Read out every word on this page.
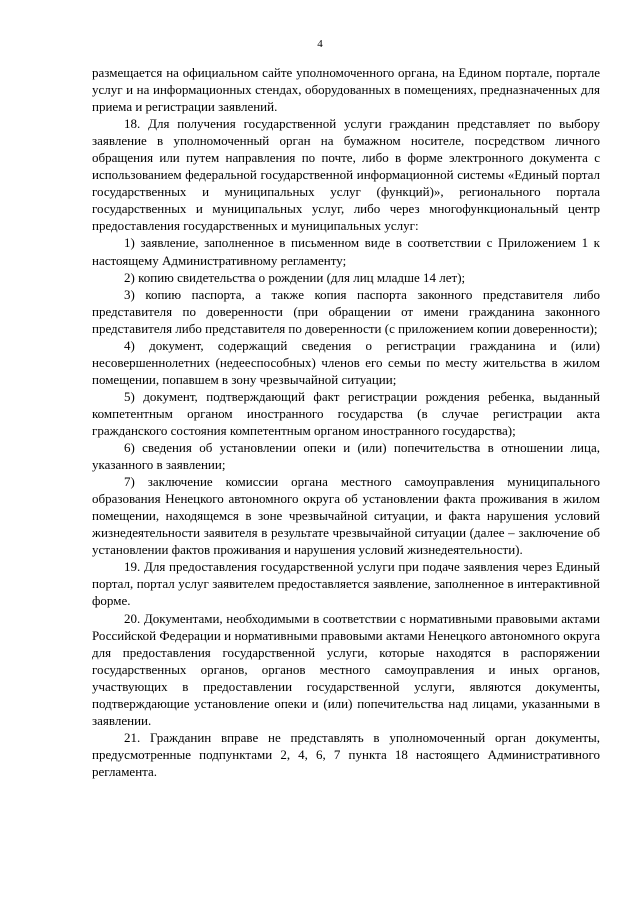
4

размещается на официальном сайте уполномоченного органа, на Едином портале, портале услуг и на информационных стендах, оборудованных в помещениях, предназначенных для приема и регистрации заявлений.

18. Для получения государственной услуги гражданин представляет по выбору заявление в уполномоченный орган на бумажном носителе, посредством личного обращения или путем направления по почте, либо в форме электронного документа с использованием федеральной государственной информационной системы «Единый портал государственных и муниципальных услуг (функций)», регионального портала государственных и муниципальных услуг, либо через многофункциональный центр предоставления государственных и муниципальных услуг:

1) заявление, заполненное в письменном виде в соответствии с Приложением 1 к настоящему Административному регламенту;

2) копию свидетельства о рождении (для лиц младше 14 лет);

3) копию паспорта, а также копия паспорта законного представителя либо представителя по доверенности (при обращении от имени гражданина законного представителя либо представителя по доверенности (с приложением копии доверенности);

4) документ, содержащий сведения о регистрации гражданина и (или) несовершеннолетних (недееспособных) членов его семьи по месту жительства в жилом помещении, попавшем в зону чрезвычайной ситуации;

5) документ, подтверждающий факт регистрации рождения ребенка, выданный компетентным органом иностранного государства (в случае регистрации акта гражданского состояния компетентным органом иностранного государства);

6) сведения об установлении опеки и (или) попечительства в отношении лица, указанного в заявлении;

7) заключение комиссии органа местного самоуправления муниципального образования Ненецкого автономного округа об установлении факта проживания в жилом помещении, находящемся в зоне чрезвычайной ситуации, и факта нарушения условий жизнедеятельности заявителя в результате чрезвычайной ситуации (далее – заключение об установлении фактов проживания и нарушения условий жизнедеятельности).

19. Для предоставления государственной услуги при подаче заявления через Единый портал, портал услуг заявителем предоставляется заявление, заполненное в интерактивной форме.

20. Документами, необходимыми в соответствии с нормативными правовыми актами Российской Федерации и нормативными правовыми актами Ненецкого автономного округа для предоставления государственной услуги, которые находятся в распоряжении государственных органов, органов местного самоуправления и иных органов, участвующих в предоставлении государственной услуги, являются документы, подтверждающие установление опеки и (или) попечительства над лицами, указанными в заявлении.

21. Гражданин вправе не представлять в уполномоченный орган документы, предусмотренные подпунктами 2, 4, 6, 7 пункта 18 настоящего Административного регламента.
